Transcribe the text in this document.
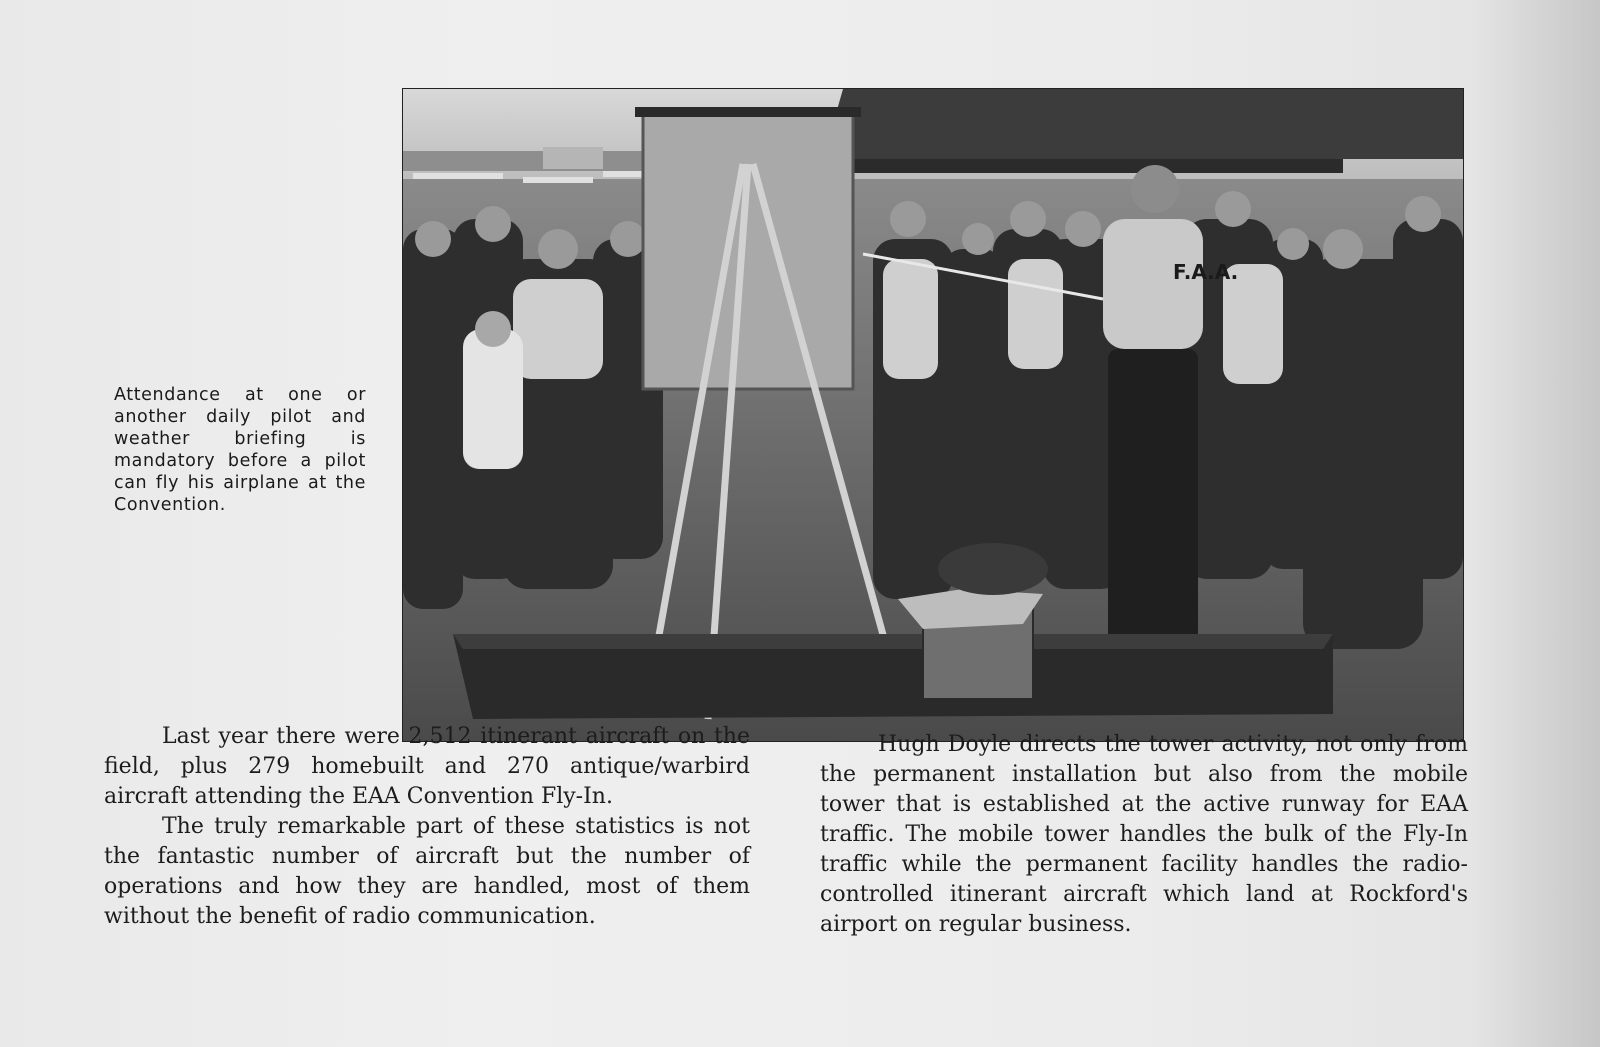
Attendance at one or another daily pilot and weather briefing is mandatory before a pilot can fly his airplane at the Convention.

F.A.A.

Last year there were 2,512 itinerant aircraft on the field, plus 279 homebuilt and 270 antique/warbird aircraft attending the EAA Convention Fly-In.

The truly remarkable part of these statistics is not the fantastic number of aircraft but the number of operations and how they are handled, most of them without the benefit of radio communication.

Hugh Doyle directs the tower activity, not only from the permanent installation but also from the mobile tower that is established at the active runway for EAA traffic. The mobile tower handles the bulk of the Fly-In traffic while the permanent facility handles the radio-controlled itinerant aircraft which land at Rockford's airport on regular business.
